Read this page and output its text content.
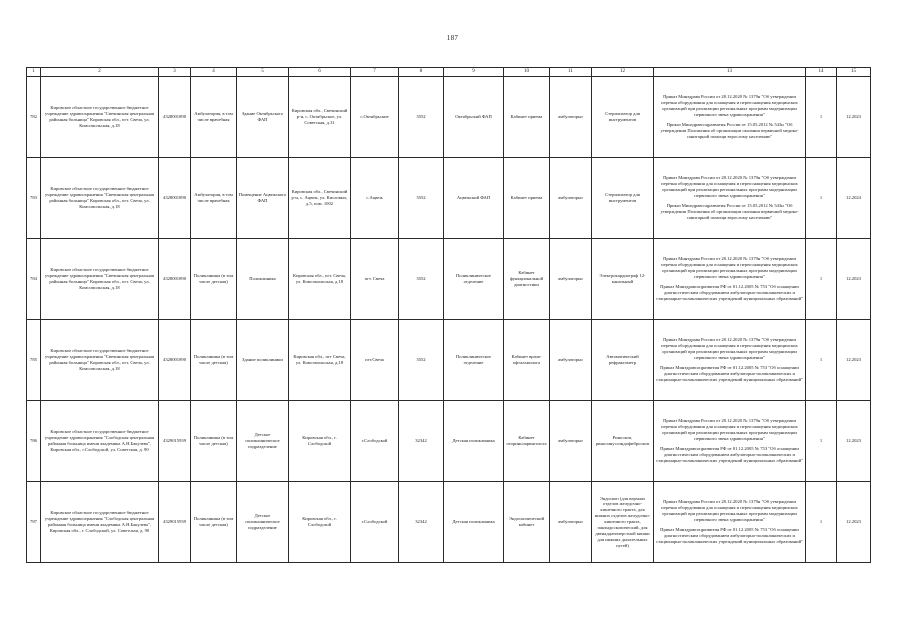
187
1	2	3	4	5	6	7	8	9	10	11	12	13	14	15
782	Кировское областное государственное бюджетное учреждение здравоохранения "Свечинская центральная районная больница" Кировская обл., пгт. Свеча, ул. Комсомольская, д.18	4328001890	Амбулатория, в том числе врачебная	Здание Октябрьского ФАП	Кировская обл., Свечинский р-н, с. Октябрьское, ул. Советская, д.31	с.Октябрьские	3552	Октябрьский ФАП	Кабинет приема	амбулаторно	Стерилизатор для инструментов	Приказ Минздрава России от 28.12.2020 № 1379н "Об утверждении перечня оборудования для оснащения и переоснащения медицинских организаций при реализации региональных программ модернизации первичного звена здравоохранения"
Приказ Минздравсоцразвития России от 15.05.2012 № 543н "Об утверждении Положения об организации оказания первичной медико-санитарной помощи взрослому населению"	1	12.2023
783	Кировское областное государственное бюджетное учреждение здравоохранения "Свечинская центральная районная больница" Кировская обл., пгт. Свеча, ул. Комсомольская, д.18	4328001890	Амбулатория, в том числе врачебная	Помещение Ацвежского ФАП	Кировская обл., Свечинский р-н, с. Ацвеж, ул. Кисловых, д.5, пом. 1002	с.Ацвеж	3552	Ацвежский ФАП	Кабинет приема	амбулаторно	Стерилизатор для инструментов	Приказ Минздрава России от 28.12.2020 № 1379н "Об утверждении перечня оборудования для оснащения и переоснащения медицинских организаций при реализации региональных программ модернизации первичного звена здравоохранения"
Приказ Минздравсоцразвития России от 15.05.2012 № 543н "Об утверждении Положения об организации оказания первичной медико-санитарной помощи взрослому населению"	1	12.2024
784	Кировское областное государственное бюджетное учреждение здравоохранения "Свечинская центральная районная больница" Кировская обл., пгт. Свеча, ул. Комсомольская, д.18	4328001890	Поликлиника (в том числе детская)	Поликлиника	Кировская обл., пгт. Свеча, ул. Комсомольская, д.18	пгт. Свеча	3552	Поликлиническое отделение	Кабинет функциональной диагностики	амбулаторно	Электрокардиограф 12-канальный	Приказ Минздрава России от 28.12.2020 № 1379н "Об утверждении перечня оборудования для оснащения и переоснащения медицинских организаций при реализации региональных программ модернизации первичного звена здравоохранения"
Приказ Минздравсоцразвития РФ от 01.12.2005 № 753 "Об оснащении диагностическим оборудованием амбулаторно-поликлинических и стационарно-поликлинических учреждений муниципальных образований"	1	12.2023
785	Кировское областное государственное бюджетное учреждение здравоохранения "Свечинская центральная районная больница" Кировская обл., пгт. Свеча, ул. Комсомольская, д.18	4328001890	Поликлиника (в том числе детская)	Здание поликлиники	Кировская обл., пгт Свеча, ул. Комсомольская, д.18	пгт.Свеча	3552	Поликлиническое отделение	Кабинет врача-офтальмолога	амбулаторно	Автоматический рефрактометр	Приказ Минздрава России от 28.12.2020 № 1379н "Об утверждении перечня оборудования для оснащения и переоснащения медицинских организаций при реализации региональных программ модернизации первичного звена здравоохранения"
Приказ Минздравсоцразвития РФ от 01.12.2005 № 753 "Об оснащении диагностическим оборудованием амбулаторно-поликлинических и стационарно-поликлинических учреждений муниципальных образований"	1	12.2023
786	Кировское областное государственное бюджетное учреждение здравоохранения "Слободская центральная районная больница имени академика А.Н.Бакулева", Кировская обл., г.Слободской, ул. Советская, д. 90	4329015939	Поликлиника (в том числе детская)	Детское поликлиническое подразделение	Кировская обл., г. Слободской	г.Слободской	32342	Детская поликлиника	Кабинет оториноларинголога	амбулаторно	Риноскоп, риносинусоэндофиброскоп	Приказ Минздрава России от 28.12.2020 № 1379н "Об утверждении перечня оборудования для оснащения и переоснащения медицинских организаций при реализации региональных программ модернизации первичного звена здравоохранения"
Приказ Минздравсоцразвития РФ от 01.12.2005 № 753 "Об оснащении диагностическим оборудованием амбулаторно-поликлинических и стационарно-поликлинических учреждений муниципальных образований"	1	12.2023
787	Кировское областное государственное бюджетное учреждение здравоохранения "Слободская центральная районная больница имени академика А.Н.Бакулева", Кировская обл., г. Слободской, ул. Советская, д. 90	4329015939	Поликлиника (в том числе детская)	Детское поликлиническое подразделение	Кировская обл., г. Слободской	г.Слободской	32342	Детская поликлиника	Эндоскопический кабинет	амбулаторно	Эндоскоп (для верхних отделов желудочно-кишечного тракта, для нижних отделов желудочно-кишечного тракта, панэндоскопический, для двенадцатиперстной кишки для нижних дыхательных путей)	Приказ Минздрава России от 28.12.2020 № 1379н "Об утверждении перечня оборудования для оснащения и переоснащения медицинских организаций при реализации региональных программ модернизации первичного звена здравоохранения"
Приказ Минздравсоцразвития РФ от 01.12.2005 № 753 "Об оснащении диагностическим оборудованием амбулаторно-поликлинических и стационарно-поликлинических учреждений муниципальных образований"	1	12.2023
